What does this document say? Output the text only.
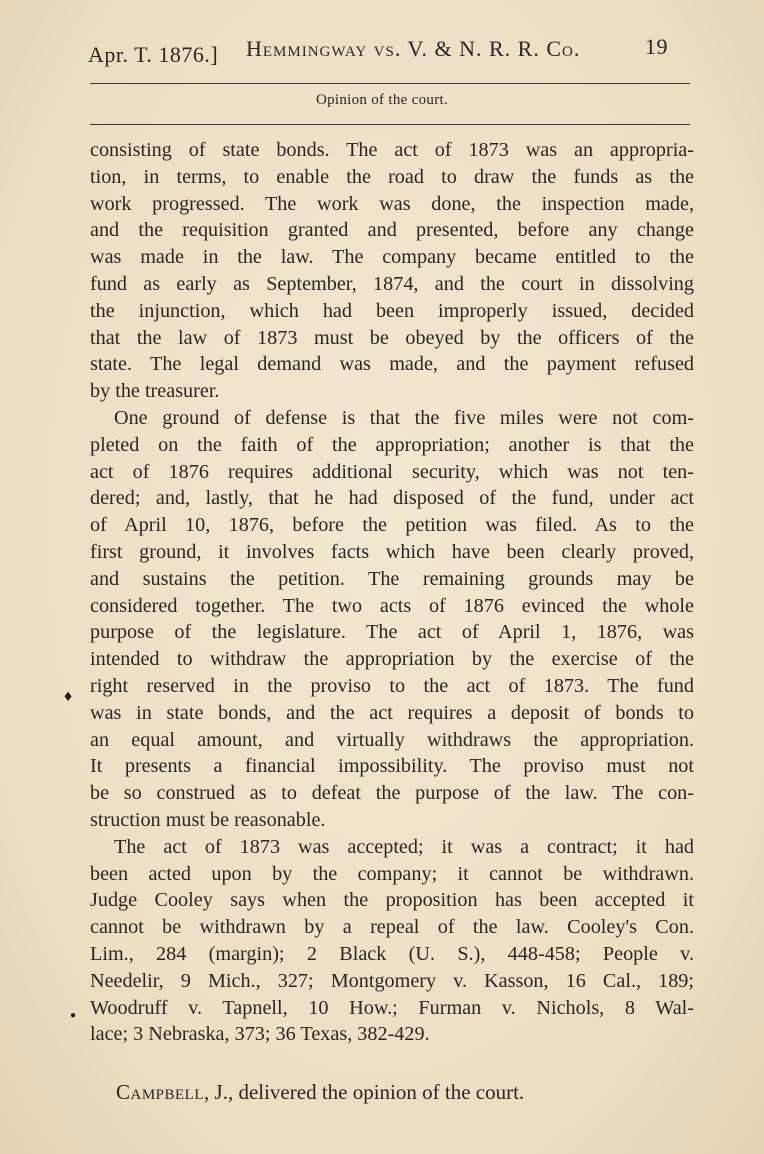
Apr. T. 1876.] Hemmingway vs. V. & N. R. R. Co.	19
Opinion of the court.
consisting of state bonds. The act of 1873 was an appropria-
tion, in terms, to enable the road to draw the funds as the
work progressed. The work was done, the inspection made,
and the requisition granted and presented, before any change
was made in the law. The company became entitled to the
fund as early as September, 1874, and the court in dissolving
the injunction, which had been improperly issued, decided
that the law of 1873 must be obeyed by the officers of the
state. The legal demand was made, and the payment refused
by the treasurer.
One ground of defense is that the five miles were not com-
pleted on the faith of the appropriation; another is that the
act of 1876 requires additional security, which was not ten-
dered; and, lastly, that he had disposed of the fund, under act
of April 10, 1876, before the petition was filed. As to the
first ground, it involves facts which have been clearly proved,
and sustains the petition. The remaining grounds may be
considered together. The two acts of 1876 evinced the whole
purpose of the legislature. The act of April 1, 1876, was
intended to withdraw the appropriation by the exercise of the
right reserved in the proviso to the act of 1873. The fund
was in state bonds, and the act requires a deposit of bonds to
an equal amount, and virtually withdraws the appropriation.
It presents a financial impossibility. The proviso must not
be so construed as to defeat the purpose of the law. The con-
struction must be reasonable.
The act of 1873 was accepted; it was a contract; it had
been acted upon by the company; it cannot be withdrawn.
Judge Cooley says when the proposition has been accepted it
cannot be withdrawn by a repeal of the law. Cooley's Con.
Lim., 284 (margin); 2 Black (U. S.), 448-458; People v.
Needelir, 9 Mich., 327; Montgomery v. Kasson, 16 Cal., 189;
Woodruff v. Tapnell, 10 How.; Furman v. Nichols, 8 Wal-
lace; 3 Nebraska, 373; 36 Texas, 382-429.
Campbell, J., delivered the opinion of the court.
♦
●
